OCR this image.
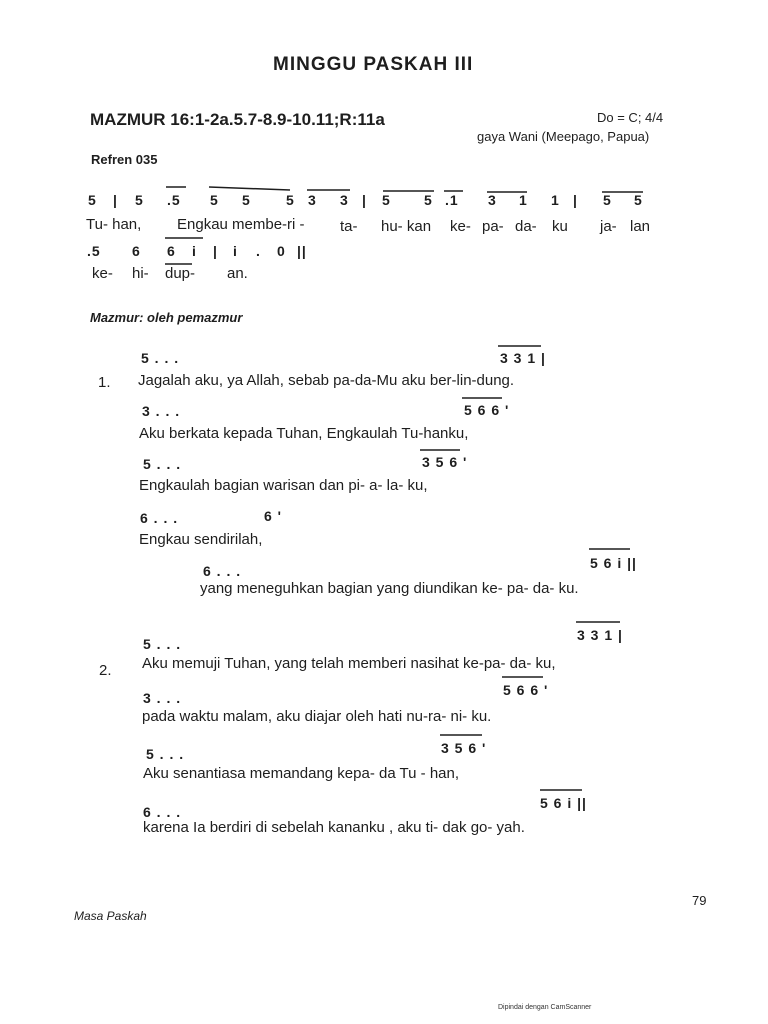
MINGGU PASKAH III
MAZMUR 16:1-2a.5.7-8.9-10.11;R:11a	Do = C; 4/4
gaya Wani (Meepago, Papua)
Refren 035
5 | 5 .5 5 5	5 3 3 | 5 5 .1 3 1 1 | 5 5
Tu- han, Engkau membe-ri - ta- hu- kan ke- pa- da- ku ja- lan
.5 6 6 i | i . 0 ||
ke- hi- dup- an.
Mazmur: oleh pemazmur
1.
5 . . .	3 3 1 |
Jagalah aku, ya Allah, sebab pa-da-Mu aku ber-lin-dung.
3 . . .	5 6 6 '
Aku berkata kepada Tuhan, Engkaulah Tu-hanku,
5 . . .	3 5 6 '
Engkaulah bagian warisan dan pi- a- la- ku,
6 . . .	6 '
Engkau sendirilah,
6 . . .	5 6 i ||
yang meneguhkan bagian yang diundikan ke- pa- da- ku.
2.
5 . . .
3 3 1 |
Aku memuji Tuhan, yang telah memberi nasihat ke-pa- da- ku,
3 . . .	5 6 6 '
pada waktu malam, aku diajar oleh hati nu-ra- ni- ku.
5 . . .	3 5 6 '
Aku senantiasa memandang kepa- da Tu - han,
6 . . .
5 6 i ||
karena Ia berdiri di sebelah kananku , aku ti- dak go- yah.
Masa Paskah
79
Dipindai dengan CamScanner
